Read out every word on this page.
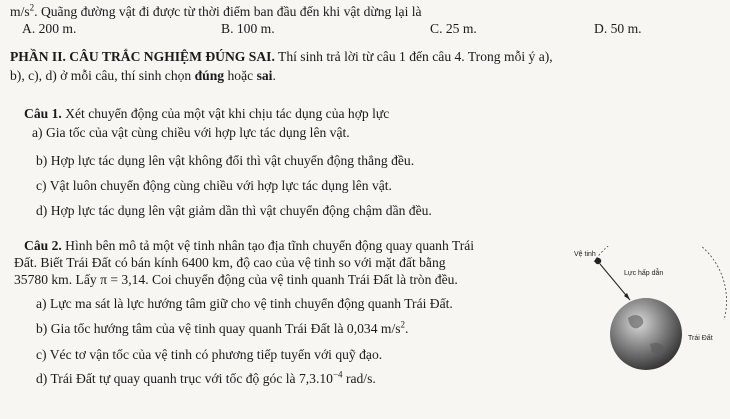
$m/s^2$. Quãng đường vật đi được từ thời điểm ban đầu đến khi vật dừng lại là
A. 200 m.	B. 100 m.	C. 25 m.	D. 50 m.
PHẦN II. CÂU TRẮC NGHIỆM ĐÚNG SAI. Thí sinh trả lời từ câu 1 đến câu 4. Trong mỗi ý a),
b), c), d) ở mỗi câu, thí sinh chọn đúng hoặc sai.
Câu 1. Xét chuyển động của một vật khi chịu tác dụng của hợp lực
a) Gia tốc của vật cùng chiều với hợp lực tác dụng lên vật.
b) Hợp lực tác dụng lên vật không đổi thì vật chuyển động thẳng đều.
c) Vật luôn chuyển động cùng chiều với hợp lực tác dụng lên vật.
d) Hợp lực tác dụng lên vật giảm dần thì vật chuyển động chậm dần đều.
Câu 2. Hình bên mô tả một vệ tinh nhân tạo địa tĩnh chuyển động quay quanh Trái
Đất. Biết Trái Đất có bán kính 6400 km, độ cao của vệ tinh so với mặt đất bằng
35780 km. Lấy π = 3,14. Coi chuyển động của vệ tinh quanh Trái Đất là tròn đều.
a) Lực ma sát là lực hướng tâm giữ cho vệ tinh chuyển động quanh Trái Đất.
b) Gia tốc hướng tâm của vệ tinh quay quanh Trái Đất là 0,034 $m/s^2$.
c) Véc tơ vận tốc của vệ tinh có phương tiếp tuyến với quỹ đạo.
d) Trái Đất tự quay quanh trục với tốc độ góc là $7,3.10^{-4}$ rad/s.
Vệ tinh
Lực hấp dẫn
Trái Đất
